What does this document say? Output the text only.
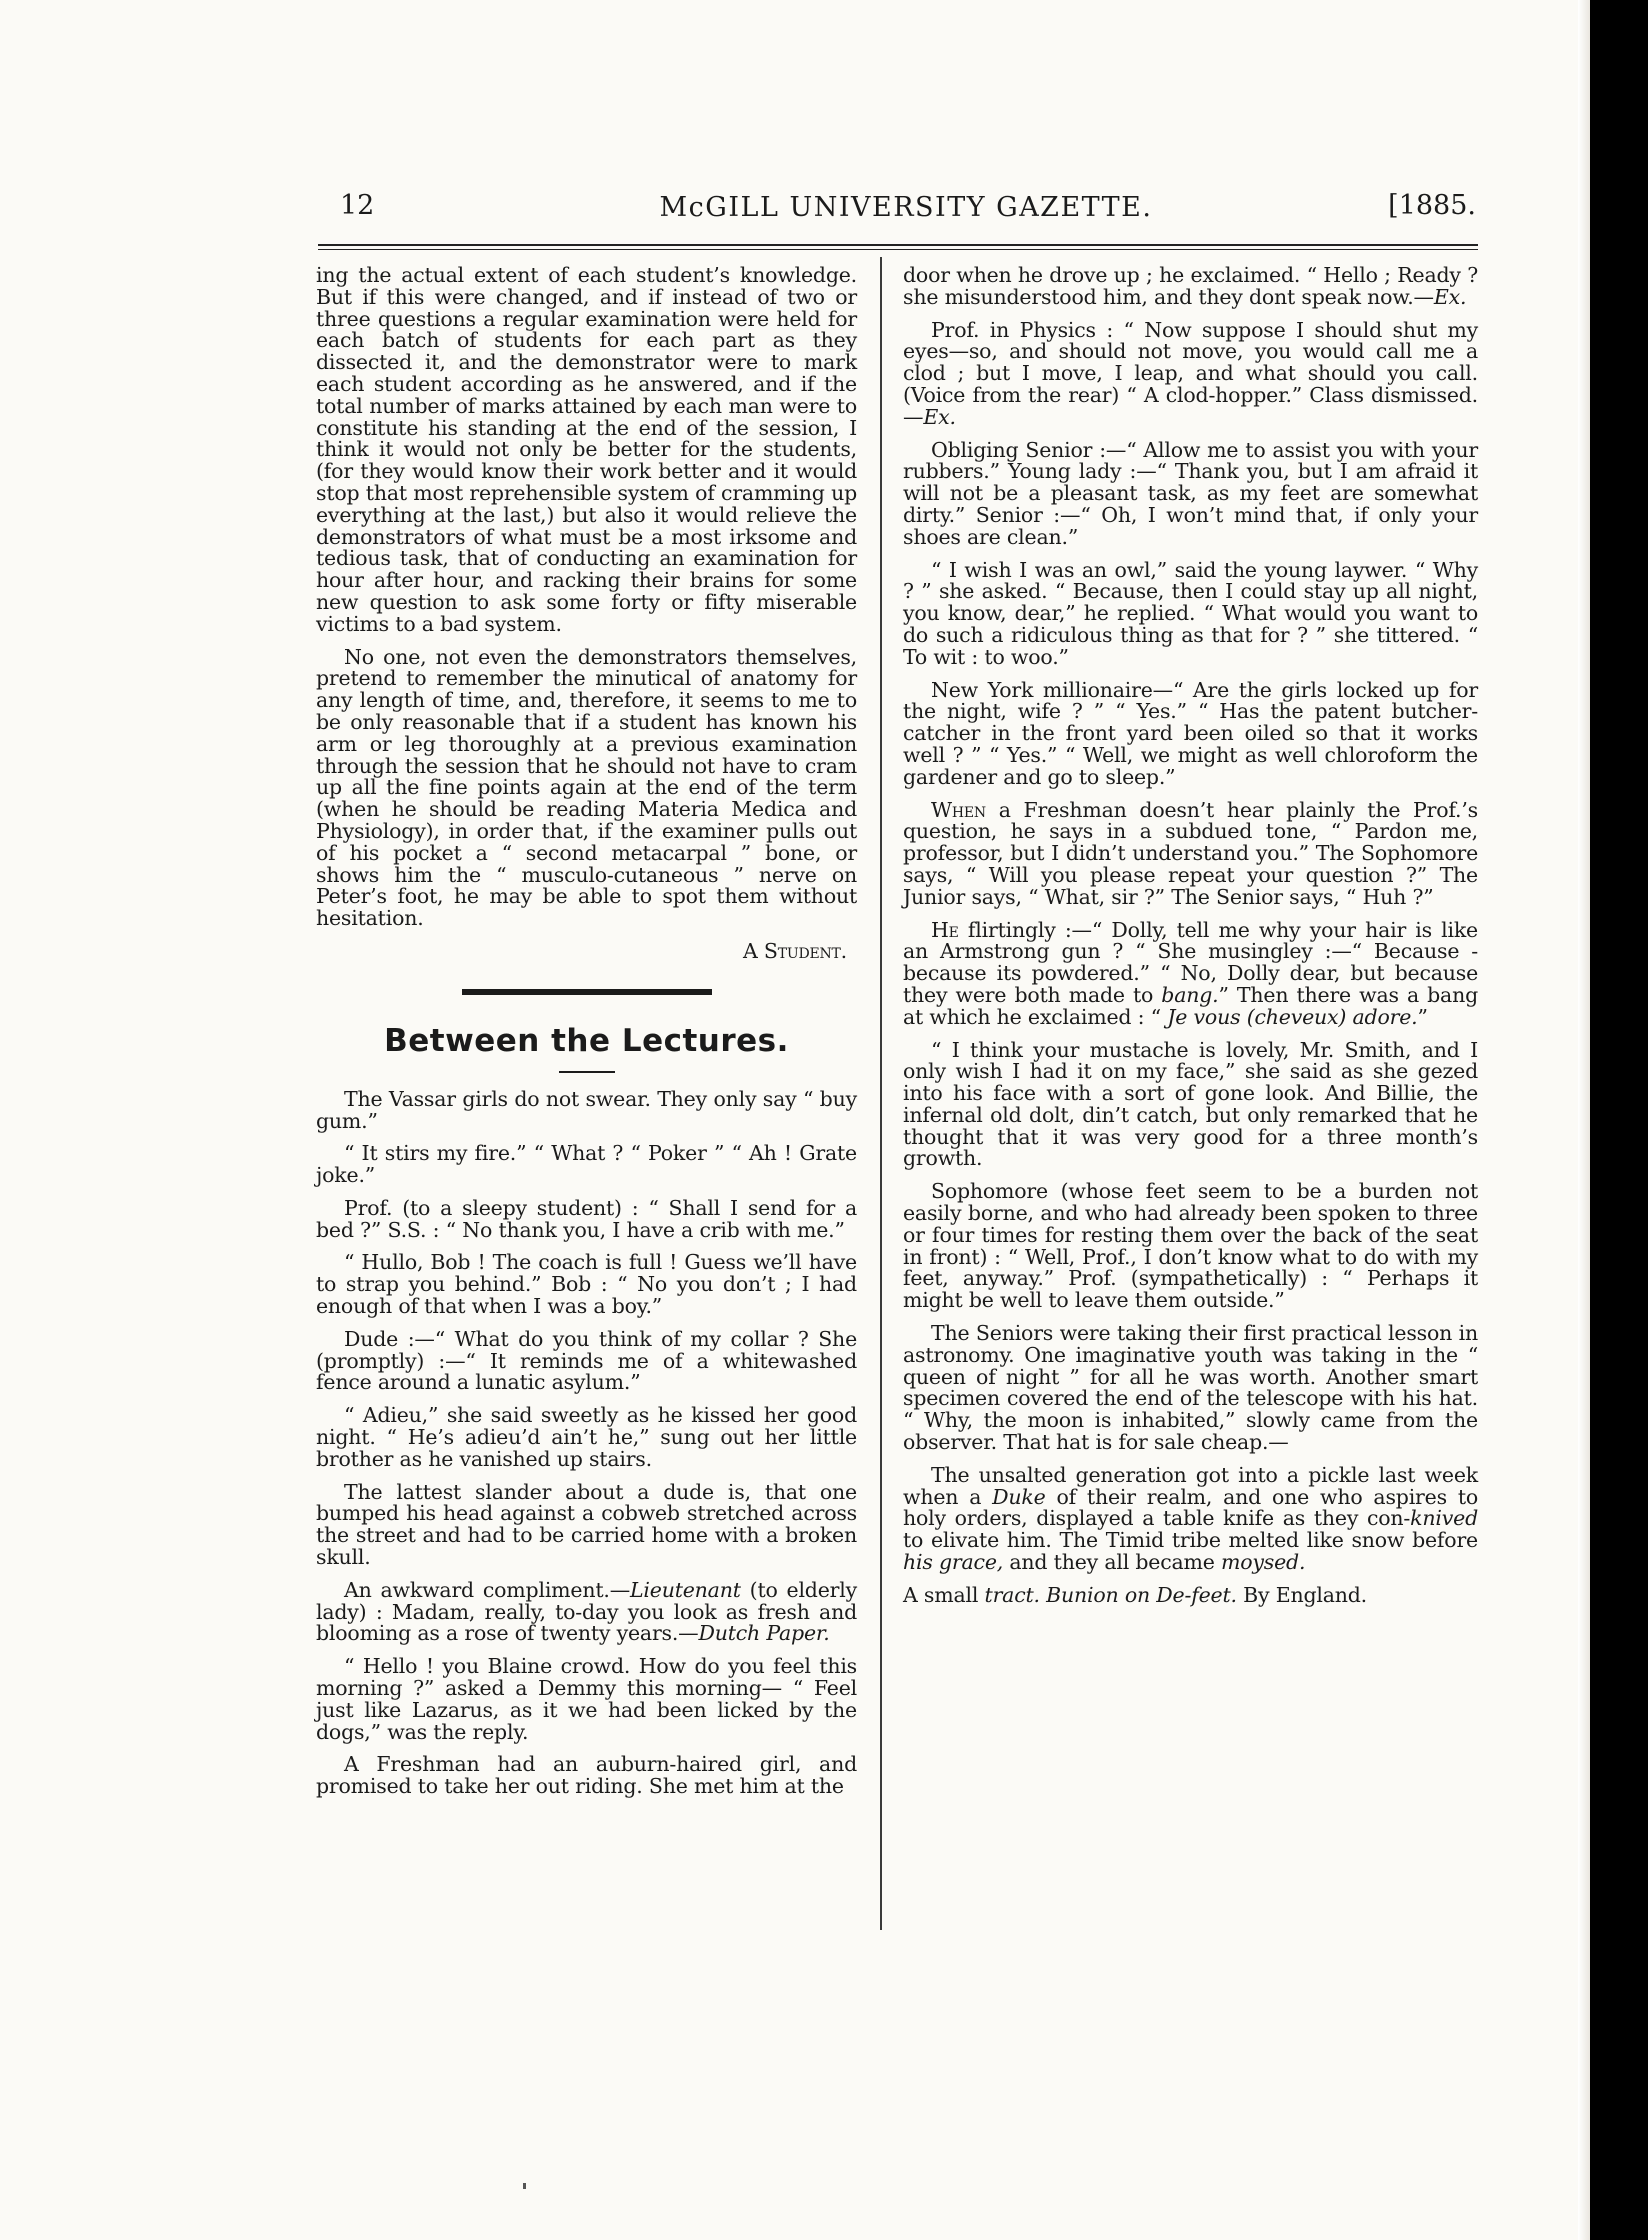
12	McGILL UNIVERSITY GAZETTE.	[1885.

ing the actual extent of each student’s knowledge. But if this were changed, and if instead of two or three questions a regular examination were held for each batch of students for each part as they dissected it, and the demonstrator were to mark each student according as he answered, and if the total number of marks attained by each man were to constitute his standing at the end of the session, I think it would not only be better for the students, (for they would know their work better and it would stop that most reprehensible system of cramming up everything at the last,) but also it would relieve the demonstrators of what must be a most irksome and tedious task, that of conducting an examination for hour after hour, and racking their brains for some new question to ask some forty or fifty miserable victims to a bad system.

No one, not even the demonstrators themselves, pretend to remember the minutical of anatomy for any length of time, and, therefore, it seems to me to be only reasonable that if a student has known his arm or leg thoroughly at a previous examination through the session that he should not have to cram up all the fine points again at the end of the term (when he should be reading Materia Medica and Physiology), in order that, if the examiner pulls out of his pocket a “ second metacarpal ” bone, or shows him the “ musculo-cutaneous ” nerve on Peter’s foot, he may be able to spot them without hesitation.

A Student.

Between the Lectures.

The Vassar girls do not swear. They only say “ buy gum.”

“ It stirs my fire.” “ What ? “ Poker ” “ Ah ! Grate joke.”

Prof. (to a sleepy student) : “ Shall I send for a bed ?” S.S. : “ No thank you, I have a crib with me.”

“ Hullo, Bob ! The coach is full ! Guess we’ll have to strap you behind.” Bob : “ No you don’t ; I had enough of that when I was a boy.”

Dude :—“ What do you think of my collar ? She (promptly) :—“ It reminds me of a whitewashed fence around a lunatic asylum.”

“ Adieu,” she said sweetly as he kissed her good night. “ He’s adieu’d ain’t he,” sung out her little brother as he vanished up stairs.

The lattest slander about a dude is, that one bumped his head against a cobweb stretched across the street and had to be carried home with a broken skull.

An awkward compliment.—Lieutenant (to elderly lady) : Madam, really, to-day you look as fresh and blooming as a rose of twenty years.—Dutch Paper.

“ Hello ! you Blaine crowd. How do you feel this morning ?” asked a Demmy this morning— “ Feel just like Lazarus, as it we had been licked by the dogs,” was the reply.

A Freshman had an auburn-haired girl, and promised to take her out riding. She met him at the

door when he drove up ; he exclaimed. “ Hello ; Ready ? she misunderstood him, and they dont speak now.—Ex.

Prof. in Physics : “ Now suppose I should shut my eyes—so, and should not move, you would call me a clod ; but I move, I leap, and what should you call. (Voice from the rear) “ A clod-hopper.” Class dismissed.—Ex.

Obliging Senior :—“ Allow me to assist you with your rubbers.” Young lady :—“ Thank you, but I am afraid it will not be a pleasant task, as my feet are somewhat dirty.” Senior :—“ Oh, I won’t mind that, if only your shoes are clean.”

“ I wish I was an owl,” said the young laywer. “ Why ? ” she asked. “ Because, then I could stay up all night, you know, dear,” he replied. “ What would you want to do such a ridiculous thing as that for ? ” she tittered. “ To wit : to woo.”

New York millionaire—“ Are the girls locked up for the night, wife ? ” “ Yes.” “ Has the patent butcher-catcher in the front yard been oiled so that it works well ? ” “ Yes.” “ Well, we might as well chloroform the gardener and go to sleep.”

When a Freshman doesn’t hear plainly the Prof.’s question, he says in a subdued tone, “ Pardon me, professor, but I didn’t understand you.” The Sophomore says, “ Will you please repeat your question ?” The Junior says, “ What, sir ?” The Senior says, “ Huh ?”

He flirtingly :—“ Dolly, tell me why your hair is like an Armstrong gun ? “ She musingley :—“ Because - because its powdered.” “ No, Dolly dear, but because they were both made to bang.” Then there was a bang at which he exclaimed : “ Je vous (cheveux) adore.”

“ I think your mustache is lovely, Mr. Smith, and I only wish I had it on my face,” she said as she gezed into his face with a sort of gone look. And Billie, the infernal old dolt, din’t catch, but only remarked that he thought that it was very good for a three month’s growth.

Sophomore (whose feet seem to be a burden not easily borne, and who had already been spoken to three or four times for resting them over the back of the seat in front) : “ Well, Prof., I don’t know what to do with my feet, anyway.” Prof. (sympathetically) : “ Perhaps it might be well to leave them outside.”

The Seniors were taking their first practical lesson in astronomy. One imaginative youth was taking in the “ queen of night ” for all he was worth. Another smart specimen covered the end of the telescope with his hat. “ Why, the moon is inhabited,” slowly came from the observer. That hat is for sale cheap.—

The unsalted generation got into a pickle last week when a Duke of their realm, and one who aspires to holy orders, displayed a table knife as they con-knived to elivate him. The Timid tribe melted like snow before his grace, and they all became moysed.

A small tract. Bunion on De-feet. By England.
